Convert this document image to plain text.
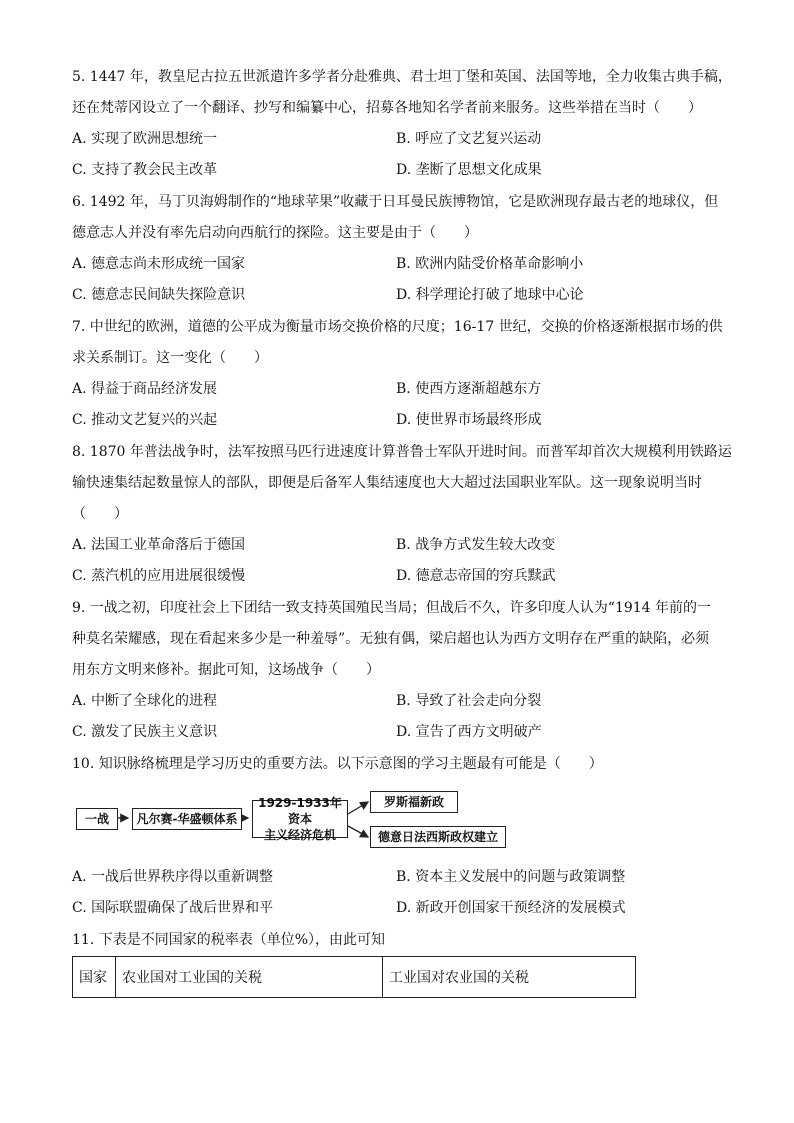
5. 1447 年，教皇尼古拉五世派遣许多学者分赴雅典、君士坦丁堡和英国、法国等地，全力收集古典手稿，
还在梵蒂冈设立了一个翻译、抄写和编纂中心，招募各地知名学者前来服务。这些举措在当时（　　）
A. 实现了欧洲思想统一	B. 呼应了文艺复兴运动
C. 支持了教会民主改革	D. 垄断了思想文化成果
6. 1492 年，马丁贝海姆制作的“地球苹果”收藏于日耳曼民族博物馆，它是欧洲现存最古老的地球仪，但
德意志人并没有率先启动向西航行的探险。这主要是由于（　　）
A. 德意志尚未形成统一国家	B. 欧洲内陆受价格革命影响小
C. 德意志民间缺失探险意识	D. 科学理论打破了地球中心论
7. 中世纪的欧洲，道德的公平成为衡量市场交换价格的尺度；16-17 世纪，交换的价格逐渐根据市场的供
求关系制订。这一变化（　　）
A. 得益于商品经济发展	B. 使西方逐渐超越东方
C. 推动文艺复兴的兴起	D. 使世界市场最终形成
8. 1870 年普法战争时，法军按照马匹行进速度计算普鲁士军队开进时间。而普军却首次大规模利用铁路运
输快速集结起数量惊人的部队，即便是后备军人集结速度也大大超过法国职业军队。这一现象说明当时
（　　）
A. 法国工业革命落后于德国	B. 战争方式发生较大改变
C. 蒸汽机的应用进展很缓慢	D. 德意志帝国的穷兵黩武
9. 一战之初，印度社会上下团结一致支持英国殖民当局；但战后不久，许多印度人认为“1914 年前的一
种莫名荣耀感，现在看起来多少是一种羞辱”。无独有偶，梁启超也认为西方文明存在严重的缺陷，必须
用东方文明来修补。据此可知，这场战争（　　）
A. 中断了全球化的进程	B. 导致了社会走向分裂
C. 激发了民族主义意识	D. 宣告了西方文明破产
10. 知识脉络梳理是学习历史的重要方法。以下示意图的学习主题最有可能是（　　）
一战	凡尔赛-华盛顿体系
1929-1933年资本
主义经济危机
罗斯福新政
德意日法西斯政权建立
A. 一战后世界秩序得以重新调整	B. 资本主义发展中的问题与政策调整
C. 国际联盟确保了战后世界和平	D. 新政开创国家干预经济的发展模式
11. 下表是不同国家的税率表（单位%），由此可知
国家	农业国对工业国的关税	工业国对农业国的关税
